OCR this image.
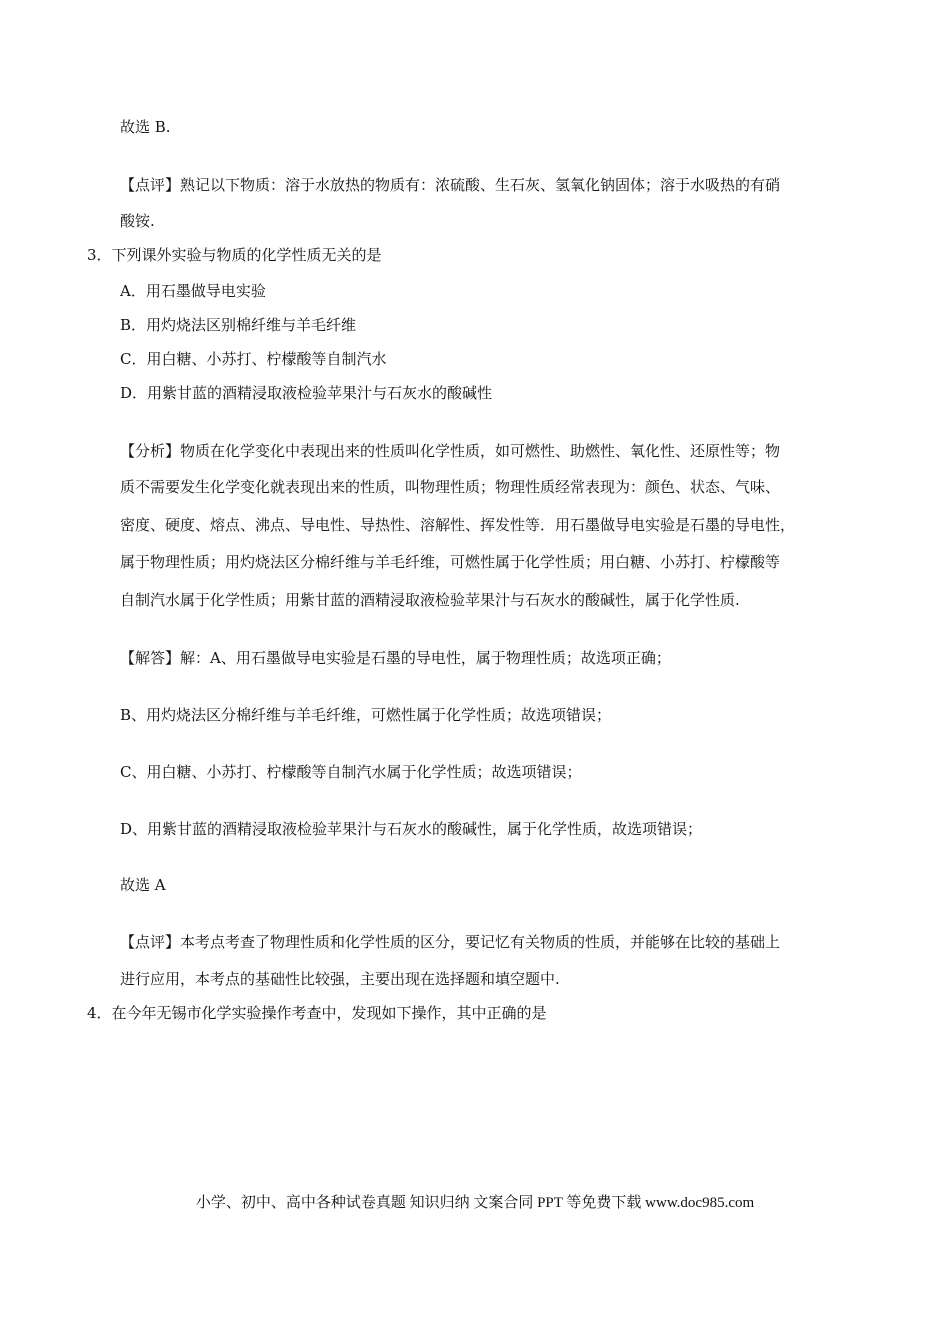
故选 B.
【点评】熟记以下物质：溶于水放热的物质有：浓硫酸、生石灰、氢氧化钠固体；溶于水吸热的有硝
酸铵.
3．下列课外实验与物质的化学性质无关的是
A．用石墨做导电实验
B．用灼烧法区别棉纤维与羊毛纤维
C．用白糖、小苏打、柠檬酸等自制汽水
D．用紫甘蓝的酒精浸取液检验苹果汁与石灰水的酸碱性
【分析】物质在化学变化中表现出来的性质叫化学性质，如可燃性、助燃性、氧化性、还原性等；物
质不需要发生化学变化就表现出来的性质，叫物理性质；物理性质经常表现为：颜色、状态、气味、
密度、硬度、熔点、沸点、导电性、导热性、溶解性、挥发性等．用石墨做导电实验是石墨的导电性，
属于物理性质；用灼烧法区分棉纤维与羊毛纤维，可燃性属于化学性质；用白糖、小苏打、柠檬酸等
自制汽水属于化学性质；用紫甘蓝的酒精浸取液检验苹果汁与石灰水的酸碱性，属于化学性质.
【解答】解：A、用石墨做导电实验是石墨的导电性，属于物理性质；故选项正确；
B、用灼烧法区分棉纤维与羊毛纤维，可燃性属于化学性质；故选项错误；
C、用白糖、小苏打、柠檬酸等自制汽水属于化学性质；故选项错误；
D、用紫甘蓝的酒精浸取液检验苹果汁与石灰水的酸碱性，属于化学性质，故选项错误；
故选 A
【点评】本考点考查了物理性质和化学性质的区分，要记忆有关物质的性质，并能够在比较的基础上
进行应用，本考点的基础性比较强，主要出现在选择题和填空题中.
4．在今年无锡市化学实验操作考查中，发现如下操作，其中正确的是
小学、初中、高中各种试卷真题 知识归纳 文案合同 PPT 等免费下载 www.doc985.com
